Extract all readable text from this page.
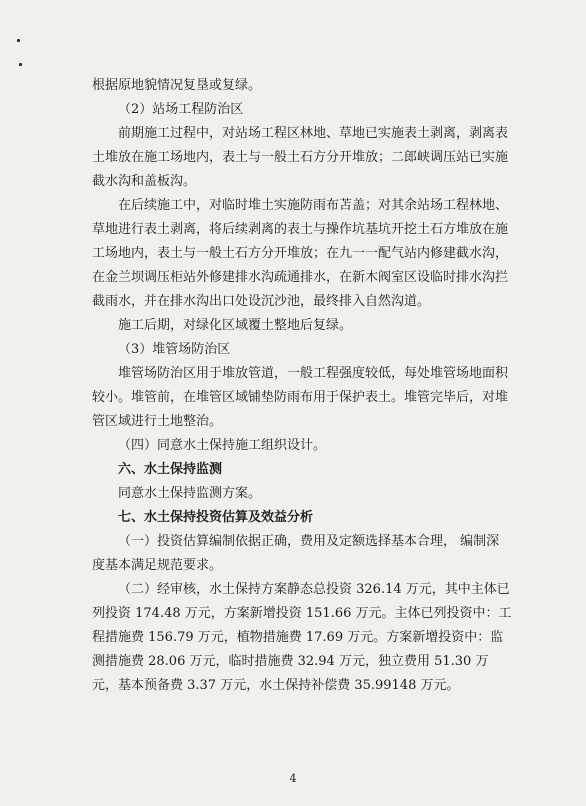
根据原地貌情况复垦或复绿。

（2）站场工程防治区

前期施工过程中，对站场工程区林地、草地已实施表土剥离，剥离表土堆放在施工场地内，表土与一般土石方分开堆放；二郎峡调压站已实施截水沟和盖板沟。

在后续施工中，对临时堆土实施防雨布苫盖；对其余站场工程林地、草地进行表土剥离，将后续剥离的表土与操作坑基坑开挖土石方堆放在施工场地内，表土与一般土石方分开堆放；在九一一配气站内修建截水沟，在金兰坝调压柜站外修建排水沟疏通排水，在新木阀室区设临时排水沟拦截雨水，并在排水沟出口处设沉沙池，最终排入自然沟道。

施工后期，对绿化区域覆土整地后复绿。

（3）堆管场防治区

堆管场防治区用于堆放管道，一般工程强度较低，每处堆管场地面积较小。堆管前，在堆管区域铺垫防雨布用于保护表土。堆管完毕后，对堆管区域进行土地整治。

（四）同意水土保持施工组织设计。

六、水土保持监测

同意水土保持监测方案。

七、水土保持投资估算及效益分析

（一）投资估算编制依据正确，费用及定额选择基本合理， 编制深度基本满足规范要求。

（二）经审核，水土保持方案静态总投资 326.14 万元，其中主体已列投资 174.48 万元，方案新增投资 151.66 万元。主体已列投资中：工程措施费 156.79 万元，植物措施费 17.69 万元。方案新增投资中：监测措施费 28.06 万元，临时措施费 32.94 万元，独立费用 51.30 万元，基本预备费 3.37 万元，水土保持补偿费 35.99148 万元。

4
